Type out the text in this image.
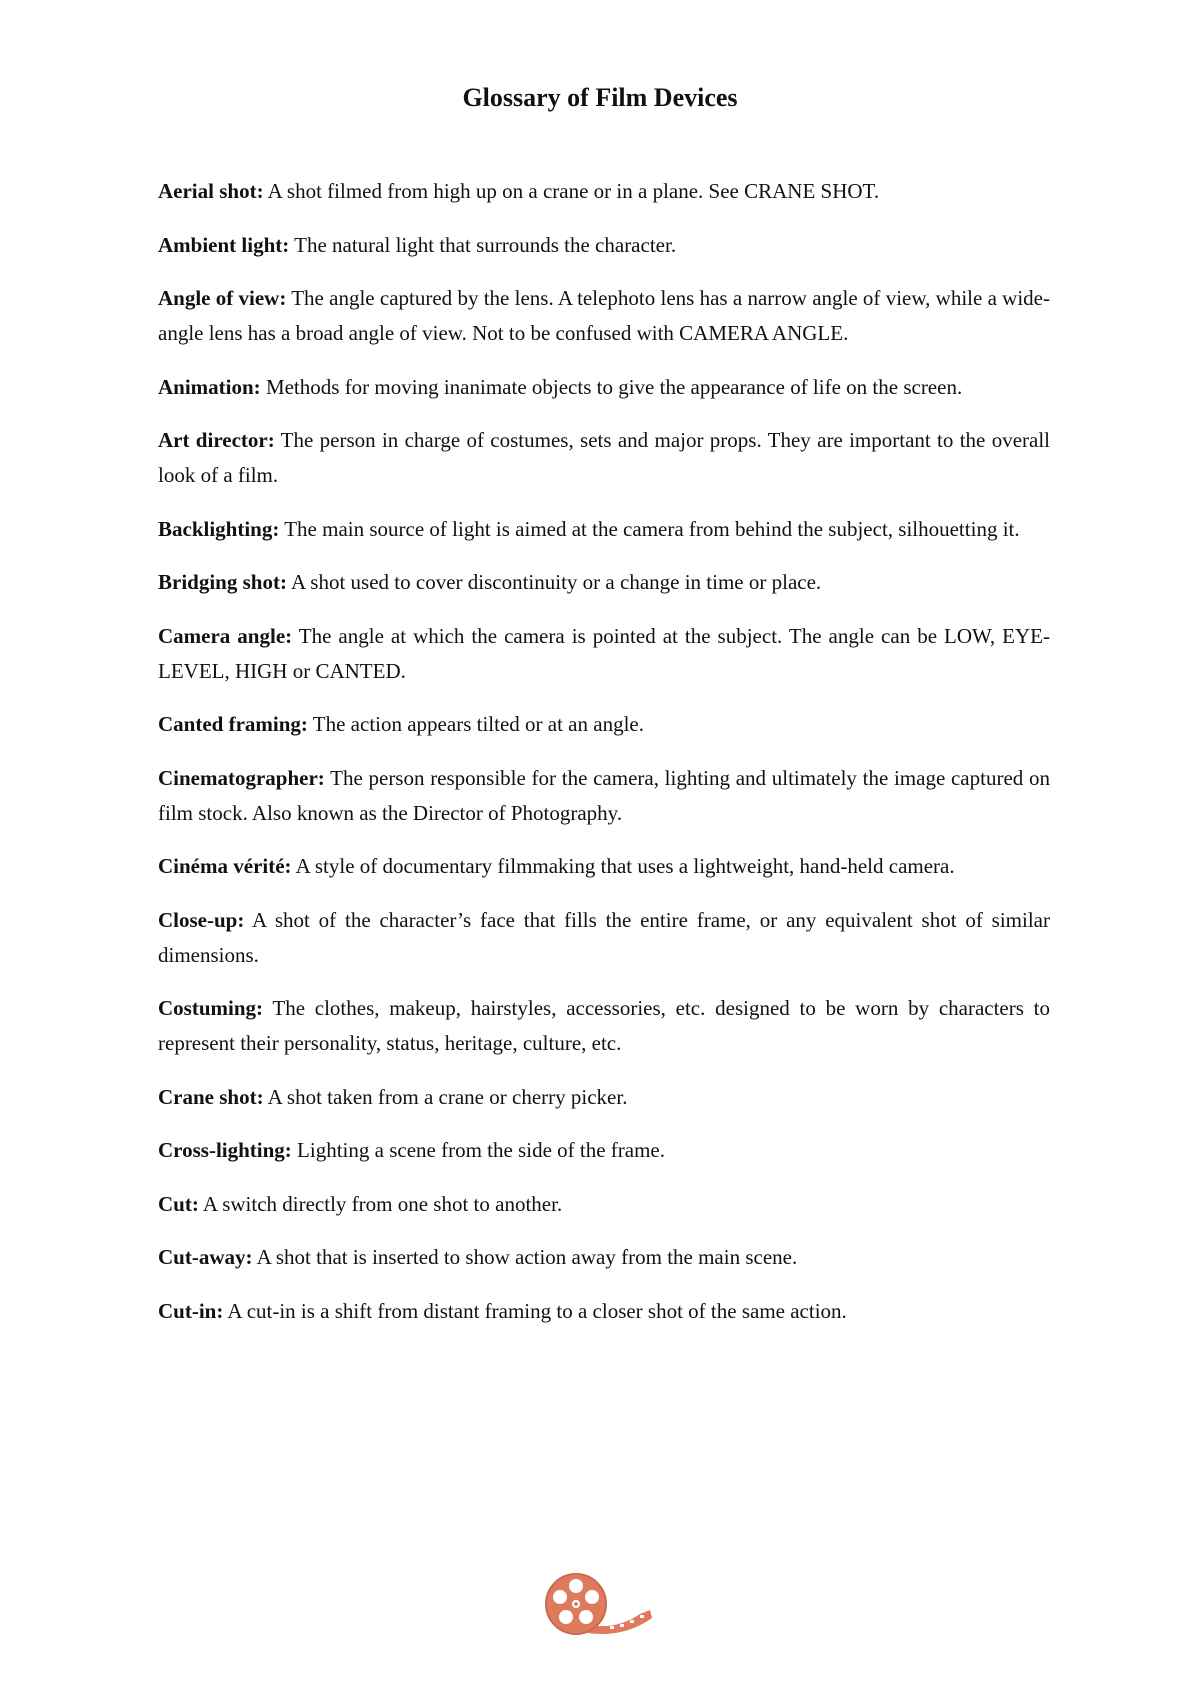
Glossary of Film Devices

Aerial shot: A shot filmed from high up on a crane or in a plane. See CRANE SHOT.

Ambient light: The natural light that surrounds the character.

Angle of view: The angle captured by the lens. A telephoto lens has a narrow angle of view, while a wide-angle lens has a broad angle of view. Not to be confused with CAMERA ANGLE.

Animation: Methods for moving inanimate objects to give the appearance of life on the screen.

Art director: The person in charge of costumes, sets and major props. They are important to the overall look of a film.

Backlighting: The main source of light is aimed at the camera from behind the subject, silhouetting it.

Bridging shot: A shot used to cover discontinuity or a change in time or place.

Camera angle: The angle at which the camera is pointed at the subject. The angle can be LOW, EYE-LEVEL, HIGH or CANTED.

Canted framing: The action appears tilted or at an angle.

Cinematographer: The person responsible for the camera, lighting and ultimately the image captured on film stock. Also known as the Director of Photography.

Cinéma vérité: A style of documentary filmmaking that uses a lightweight, hand-held camera.

Close-up: A shot of the character’s face that fills the entire frame, or any equivalent shot of similar dimensions.

Costuming: The clothes, makeup, hairstyles, accessories, etc. designed to be worn by characters to represent their personality, status, heritage, culture, etc.

Crane shot: A shot taken from a crane or cherry picker.

Cross-lighting: Lighting a scene from the side of the frame.

Cut: A switch directly from one shot to another.

Cut-away: A shot that is inserted to show action away from the main scene.

Cut-in: A cut-in is a shift from distant framing to a closer shot of the same action.
